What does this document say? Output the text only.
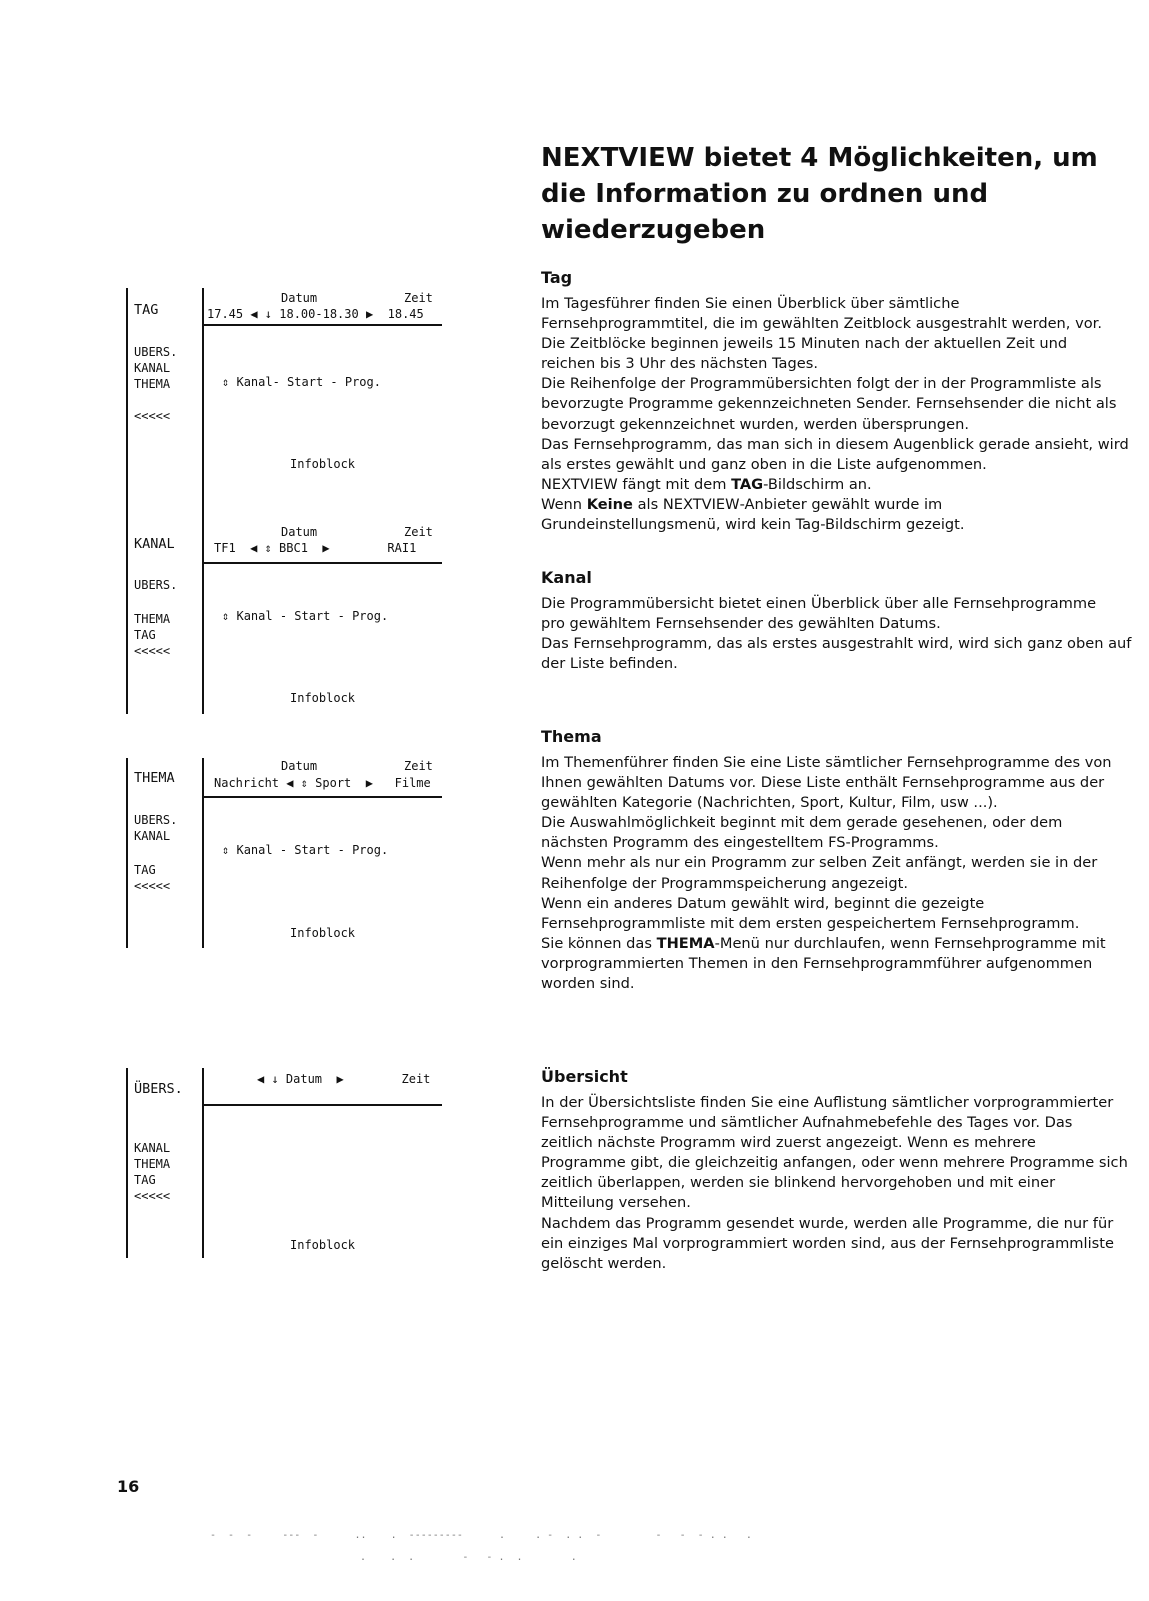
NEXTVIEW bietet 4 Möglichkeiten, um
die Information zu ordnen und
wiederzugeben
TAG
UBERS.
KANAL
THEMA
<<<<<
Datum	Zeit
17.45 ◀ ↓ 18.00-18.30 ▶  18.45
⇕ Kanal- Start - Prog.
Infoblock
KANAL
UBERS.
THEMA
TAG
<<<<<
Datum	Zeit
TF1  ◀ ⇕ BBC1  ▶        RAI1
⇕ Kanal - Start - Prog.
Infoblock
THEMA
UBERS.
KANAL
TAG
<<<<<
Datum	Zeit
Nachricht ◀ ⇕ Sport  ▶   Filme
⇕ Kanal - Start - Prog.
Infoblock
ÜBERS.
KANAL
THEMA
TAG
<<<<<
◀ ↓ Datum  ▶        Zeit
Infoblock
Tag
Im Tagesführer finden Sie einen Überblick über sämtliche
Fernsehprogrammtitel, die im gewählten Zeitblock ausgestrahlt werden, vor.
Die Zeitblöcke beginnen jeweils 15 Minuten nach der aktuellen Zeit und
reichen bis 3 Uhr des nächsten Tages.
Die Reihenfolge der Programmübersichten folgt der in der Programmliste als
bevorzugte Programme gekennzeichneten Sender. Fernsehsender die nicht als
bevorzugt gekennzeichnet wurden, werden übersprungen.
Das Fernsehprogramm, das man sich in diesem Augenblick gerade ansieht, wird
als erstes gewählt und ganz oben in die Liste aufgenommen.
NEXTVIEW fängt mit dem TAG-Bildschirm an.
Wenn Keine als NEXTVIEW-Anbieter gewählt wurde im
Grundeinstellungsmenü, wird kein Tag-Bildschirm gezeigt.
Kanal
Die Programmübersicht bietet einen Überblick über alle Fernsehprogramme
pro gewähltem Fernsehsender des gewählten Datums.
Das Fernsehprogramm, das als erstes ausgestrahlt wird, wird sich ganz oben auf
der Liste befinden.
Thema
Im Themenführer finden Sie eine Liste sämtlicher Fernsehprogramme des von
Ihnen gewählten Datums vor. Diese Liste enthält Fernsehprogramme aus der
gewählten Kategorie (Nachrichten, Sport, Kultur, Film, usw ...).
Die Auswahlmöglichkeit beginnt mit dem gerade gesehenen, oder dem
nächsten Programm des eingestelltem FS-Programms.
Wenn mehr als nur ein Programm zur selben Zeit anfängt, werden sie in der
Reihenfolge der Programmspeicherung angezeigt.
Wenn ein anderes Datum gewählt wird, beginnt die gezeigte
Fernsehprogrammliste mit dem ersten gespeichertem Fernsehprogramm.
Sie können das THEMA-Menü nur durchlaufen, wenn Fernsehprogramme mit
vorprogrammierten Themen in den Fernsehprogrammführer aufgenommen
worden sind.
Übersicht
In der Übersichtsliste finden Sie eine Auflistung sämtlicher vorprogrammierter
Fernsehprogramme und sämtlicher Aufnahmebefehle des Tages vor. Das
zeitlich nächste Programm wird zuerst angezeigt. Wenn es mehrere
Programme gibt, die gleichzeitig anfangen, oder wenn mehrere Programme sich
zeitlich überlappen, werden sie blinkend hervorgehoben und mit einer
Mitteilung versehen.
Nachdem das Programm gesendet wurde, werden alle Programme, die nur für
ein einziges Mal vorprogrammiert worden sind, aus der Fernsehprogrammliste
gelöscht werden.

16

-  -  -     ---  -      ..    .  ---------      .     . -  . .  -         -   -  - . .   .
.    .  .        -   - .  .        .
